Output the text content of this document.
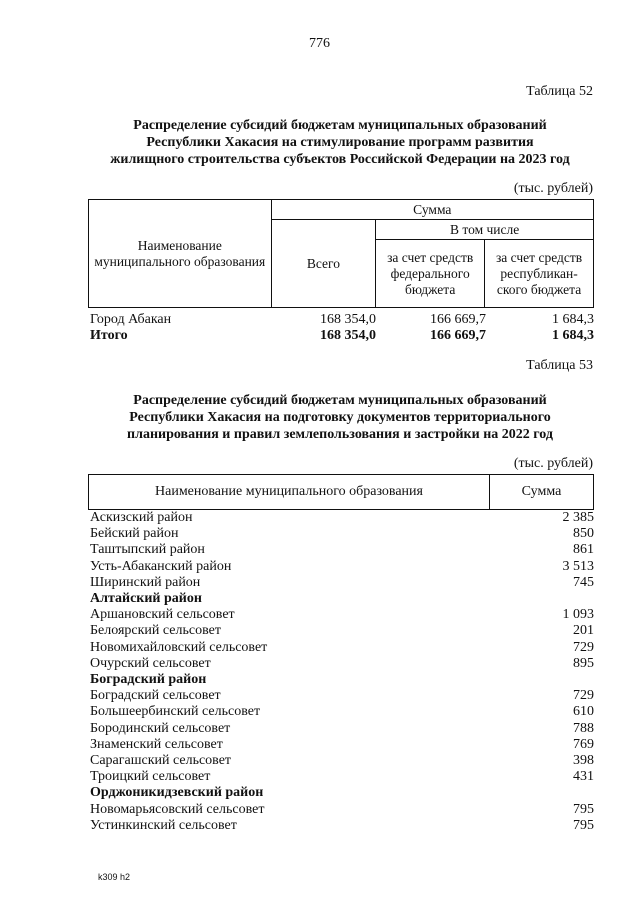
776
Таблица 52
Распределение субсидий бюджетам муниципальных образований
Республики Хакасия на стимулирование программ развития
жилищного строительства субъектов Российской Федерации на 2023 год
(тыс. рублей)
Наименование муниципального образования	Сумма		
	Всего	В том числе	
		за счет средств федерального бюджета	за счет средств республикан-ского бюджета
Город Абакан	168 354,0	166 669,7	1 684,3
Итого	168 354,0	166 669,7	1 684,3
Таблица 53
Распределение субсидий бюджетам муниципальных образований
Республики Хакасия на подготовку документов территориального
планирования и правил землепользования и застройки на 2022 год
(тыс. рублей)
Наименование муниципального образования	Сумма
Аскизский район	2 385
Бейский район	850
Таштыпский район	861
Усть-Абаканский район	3 513
Ширинский район	745
Алтайский район
Аршановский сельсовет	1 093
Белоярский сельсовет	201
Новомихайловский сельсовет	729
Очурский сельсовет	895
Боградский район
Боградский сельсовет	729
Большеербинский сельсовет	610
Бородинский сельсовет	788
Знаменский сельсовет	769
Сарагашский сельсовет	398
Троицкий сельсовет	431
Орджоникидзевский район
Новомарьясовский сельсовет	795
Устинкинский сельсовет	795
k309 h2
